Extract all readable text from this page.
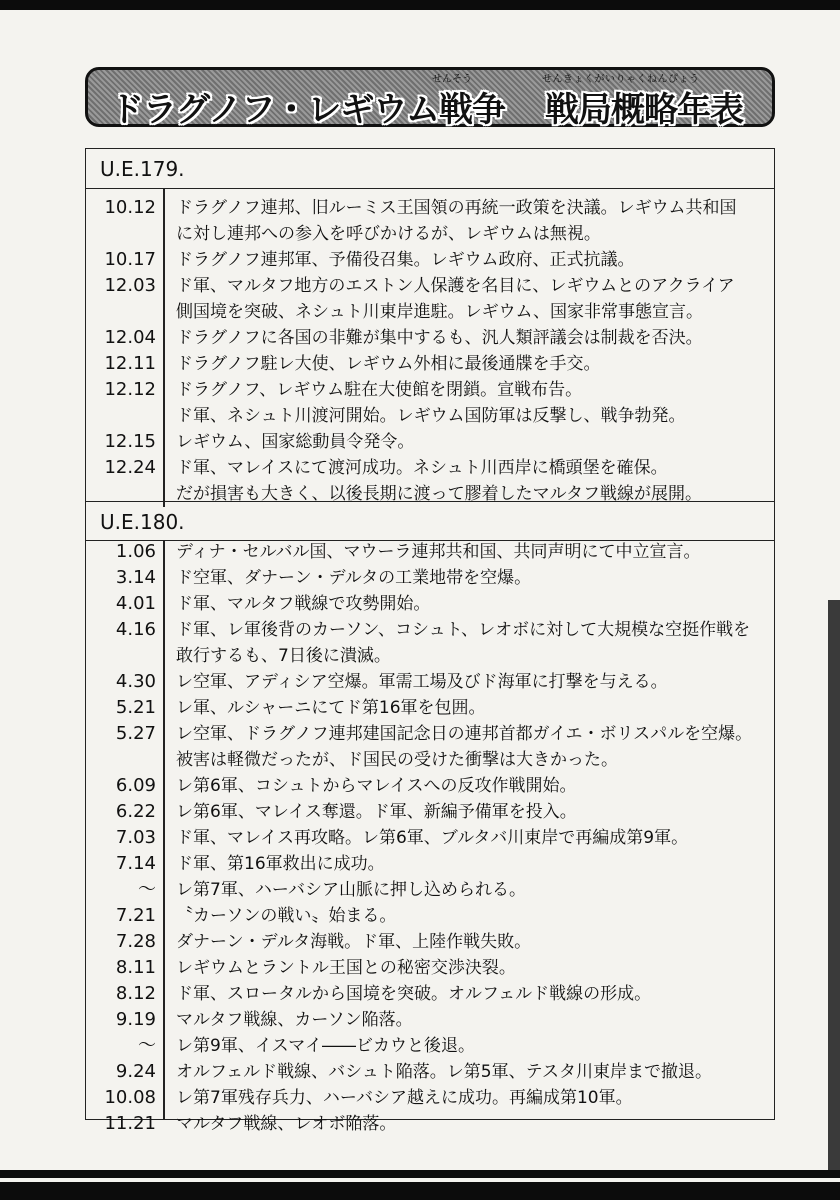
せんそう	せんきょくがいりゃくねんぴょう
ドラグノフ・レギウム戦争	戦局概略年表
U.E.179.
10.12 ドラグノフ連邦、旧ルーミス王国領の再統一政策を決議。レギウム共和国
に対し連邦への参入を呼びかけるが、レギウムは無視。
10.17 ドラグノフ連邦軍、予備役召集。レギウム政府、正式抗議。
12.03 ド軍、マルタフ地方のエストン人保護を名目に、レギウムとのアクライア
側国境を突破、ネシュト川東岸進駐。レギウム、国家非常事態宣言。
12.04 ドラグノフに各国の非難が集中するも、汎人類評議会は制裁を否決。
12.11 ドラグノフ駐レ大使、レギウム外相に最後通牒を手交。
12.12 ドラグノフ、レギウム駐在大使館を閉鎖。宣戦布告。
ド軍、ネシュト川渡河開始。レギウム国防軍は反撃し、戦争勃発。
12.15 レギウム、国家総動員令発令。
12.24 ド軍、マレイスにて渡河成功。ネシュト川西岸に橋頭堡を確保。
だが損害も大きく、以後長期に渡って膠着したマルタフ戦線が展開。
U.E.180.
1.06 ディナ・セルバル国、マウーラ連邦共和国、共同声明にて中立宣言。
3.14 ド空軍、ダナーン・デルタの工業地帯を空爆。
4.01 ド軍、マルタフ戦線で攻勢開始。
4.16 ド軍、レ軍後背のカーソン、コシュト、レオボに対して大規模な空挺作戦を
敢行するも、7日後に潰滅。
4.30 レ空軍、アディシア空爆。軍需工場及びド海軍に打撃を与える。
5.21 レ軍、ルシャーニにてド第16軍を包囲。
5.27 レ空軍、ドラグノフ連邦建国記念日の連邦首都ガイエ・ボリスパルを空爆。
被害は軽微だったが、ド国民の受けた衝撃は大きかった。
6.09 レ第6軍、コシュトからマレイスへの反攻作戦開始。
6.22 レ第6軍、マレイス奪還。ド軍、新編予備軍を投入。
7.03 ド軍、マレイス再攻略。レ第6軍、ブルタバ川東岸で再編成第9軍。
7.14 ド軍、第16軍救出に成功。
〜 レ第7軍、ハーバシア山脈に押し込められる。
7.21 〝カーソンの戦い〟始まる。
7.28 ダナーン・デルタ海戦。ド軍、上陸作戦失敗。
8.11 レギウムとラントル王国との秘密交渉決裂。
8.12 ド軍、スロータルから国境を突破。オルフェルド戦線の形成。
9.19 マルタフ戦線、カーソン陥落。
〜 レ第9軍、イスマイ――ビカウと後退。
9.24 オルフェルド戦線、バシュト陥落。レ第5軍、テスタ川東岸まで撤退。
10.08 レ第7軍残存兵力、ハーバシア越えに成功。再編成第10軍。
11.21 マルタフ戦線、レオボ陥落。
